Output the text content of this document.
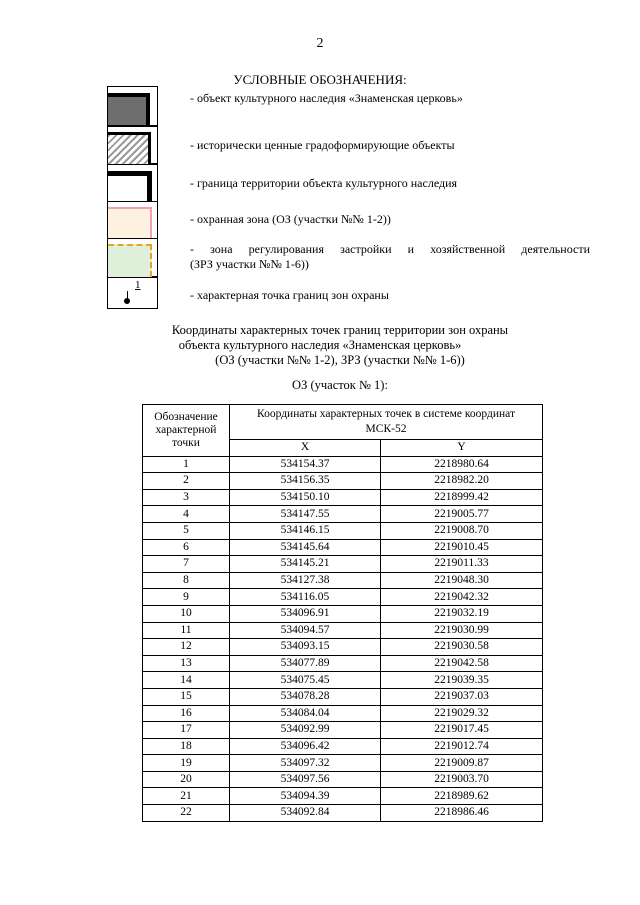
2
УСЛОВНЫЕ ОБОЗНАЧЕНИЯ:
- объект культурного наследия «Знаменская церковь»
- исторически ценные градоформирующие объекты
- граница территории объекта культурного наследия
- охранная зона (ОЗ (участки №№ 1-2))
- зона регулирования застройки и хозяйственной деятельности
(ЗРЗ участки №№ 1-6))
1
- характерная точка границ зон охраны
Координаты характерных точек границ территории зон охраны
объекта культурного наследия «Знаменская церковь»
(ОЗ (участки №№ 1-2), ЗРЗ (участки №№ 1-6))
ОЗ (участок № 1):
Обозначение характерной точки	Координаты характерных точек в системе координат МСК-52	
	X	Y
1	534154.37	2218980.64
2	534156.35	2218982.20
3	534150.10	2218999.42
4	534147.55	2219005.77
5	534146.15	2219008.70
6	534145.64	2219010.45
7	534145.21	2219011.33
8	534127.38	2219048.30
9	534116.05	2219042.32
10	534096.91	2219032.19
11	534094.57	2219030.99
12	534093.15	2219030.58
13	534077.89	2219042.58
14	534075.45	2219039.35
15	534078.28	2219037.03
16	534084.04	2219029.32
17	534092.99	2219017.45
18	534096.42	2219012.74
19	534097.32	2219009.87
20	534097.56	2219003.70
21	534094.39	2218989.62
22	534092.84	2218986.46
